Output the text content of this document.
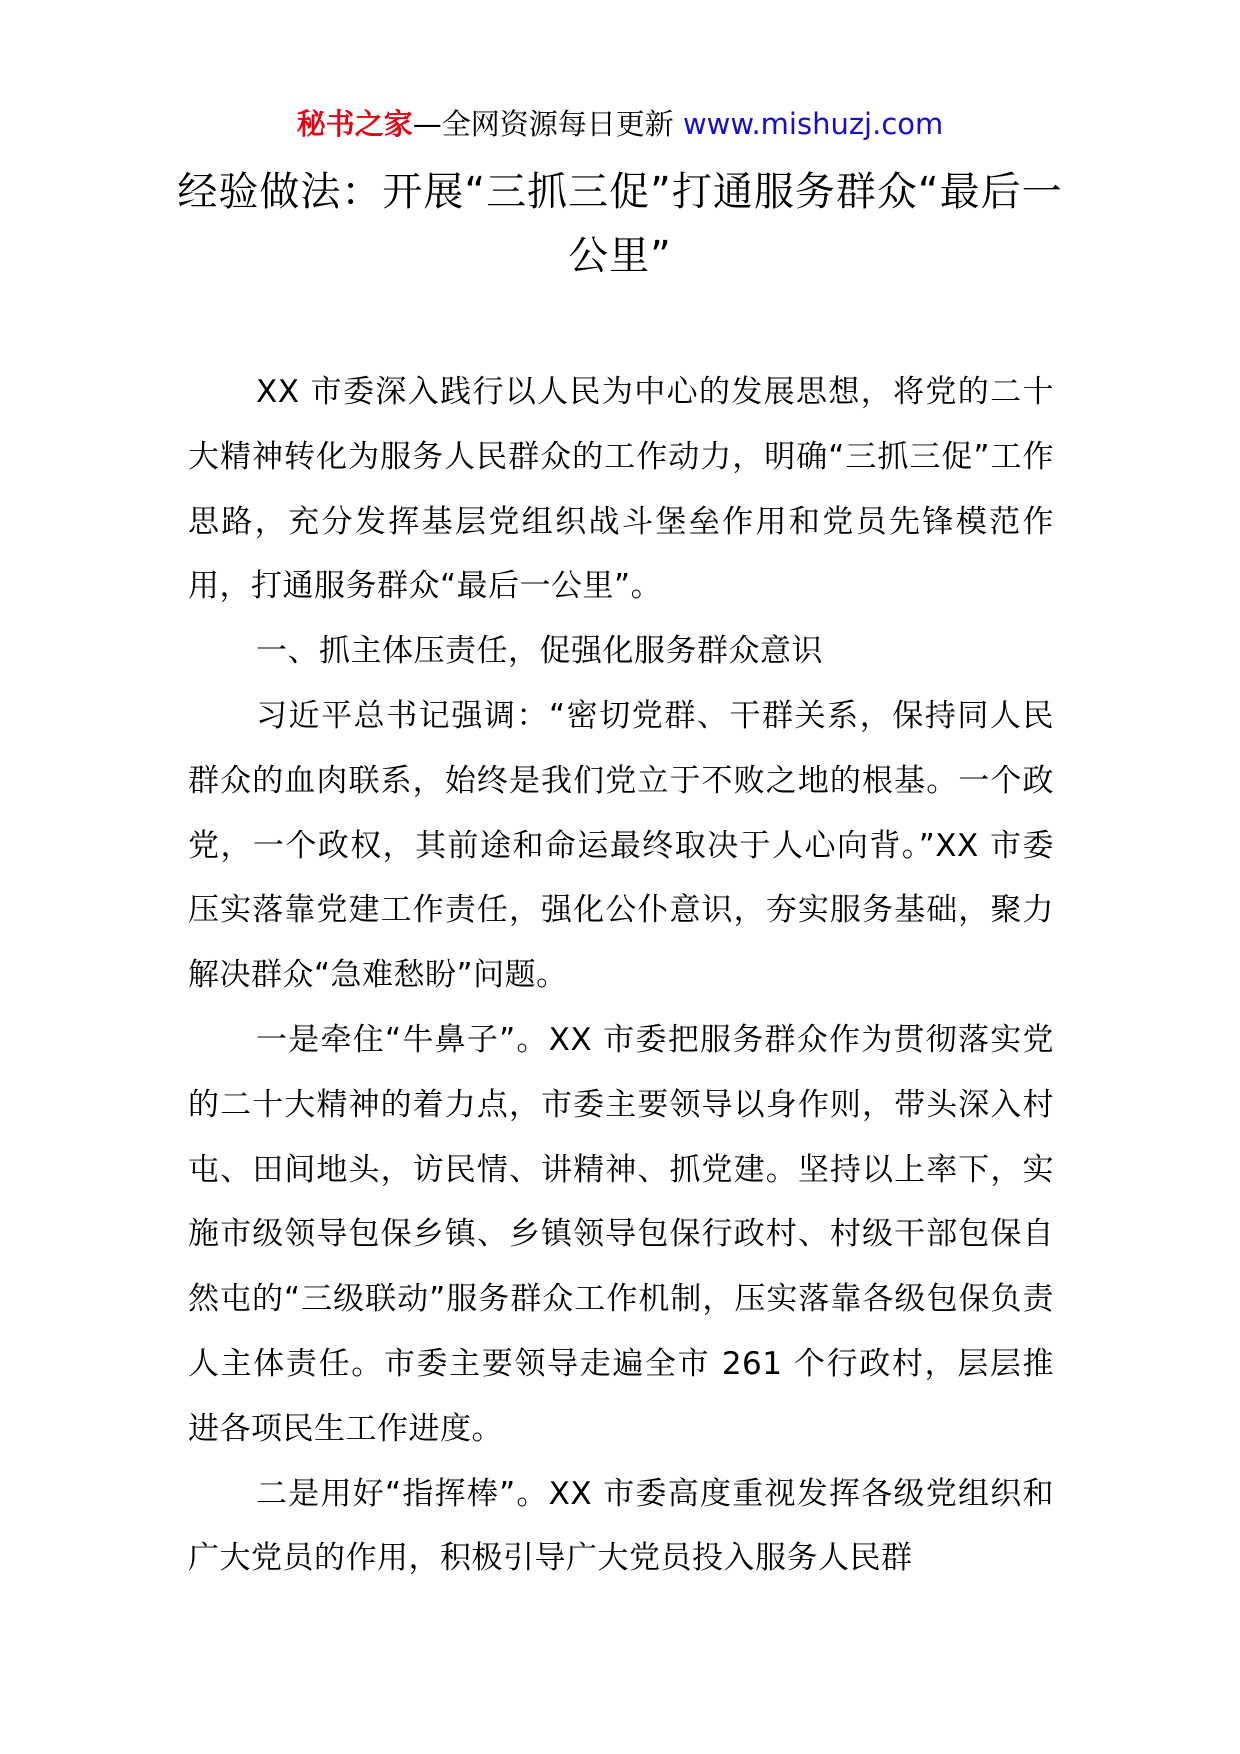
秘书之家—全网资源每日更新 www.mishuzj.com
经验做法：开展“三抓三促”打通服务群众“最后一公里”

XX 市委深入践行以人民为中心的发展思想，将党的二十大精神转化为服务人民群众的工作动力，明确“三抓三促”工作思路，充分发挥基层党组织战斗堡垒作用和党员先锋模范作用，打通服务群众“最后一公里”。

一、抓主体压责任，促强化服务群众意识

习近平总书记强调：“密切党群、干群关系，保持同人民群众的血肉联系，始终是我们党立于不败之地的根基。一个政党，一个政权，其前途和命运最终取决于人心向背。”XX 市委压实落靠党建工作责任，强化公仆意识，夯实服务基础，聚力解决群众“急难愁盼”问题。

一是牵住“牛鼻子”。XX 市委把服务群众作为贯彻落实党的二十大精神的着力点，市委主要领导以身作则，带头深入村屯、田间地头，访民情、讲精神、抓党建。坚持以上率下，实施市级领导包保乡镇、乡镇领导包保行政村、村级干部包保自然屯的“三级联动”服务群众工作机制，压实落靠各级包保负责人主体责任。市委主要领导走遍全市 261 个行政村，层层推进各项民生工作进度。

二是用好“指挥棒”。XX 市委高度重视发挥各级党组织和广大党员的作用，积极引导广大党员投入服务人民群
